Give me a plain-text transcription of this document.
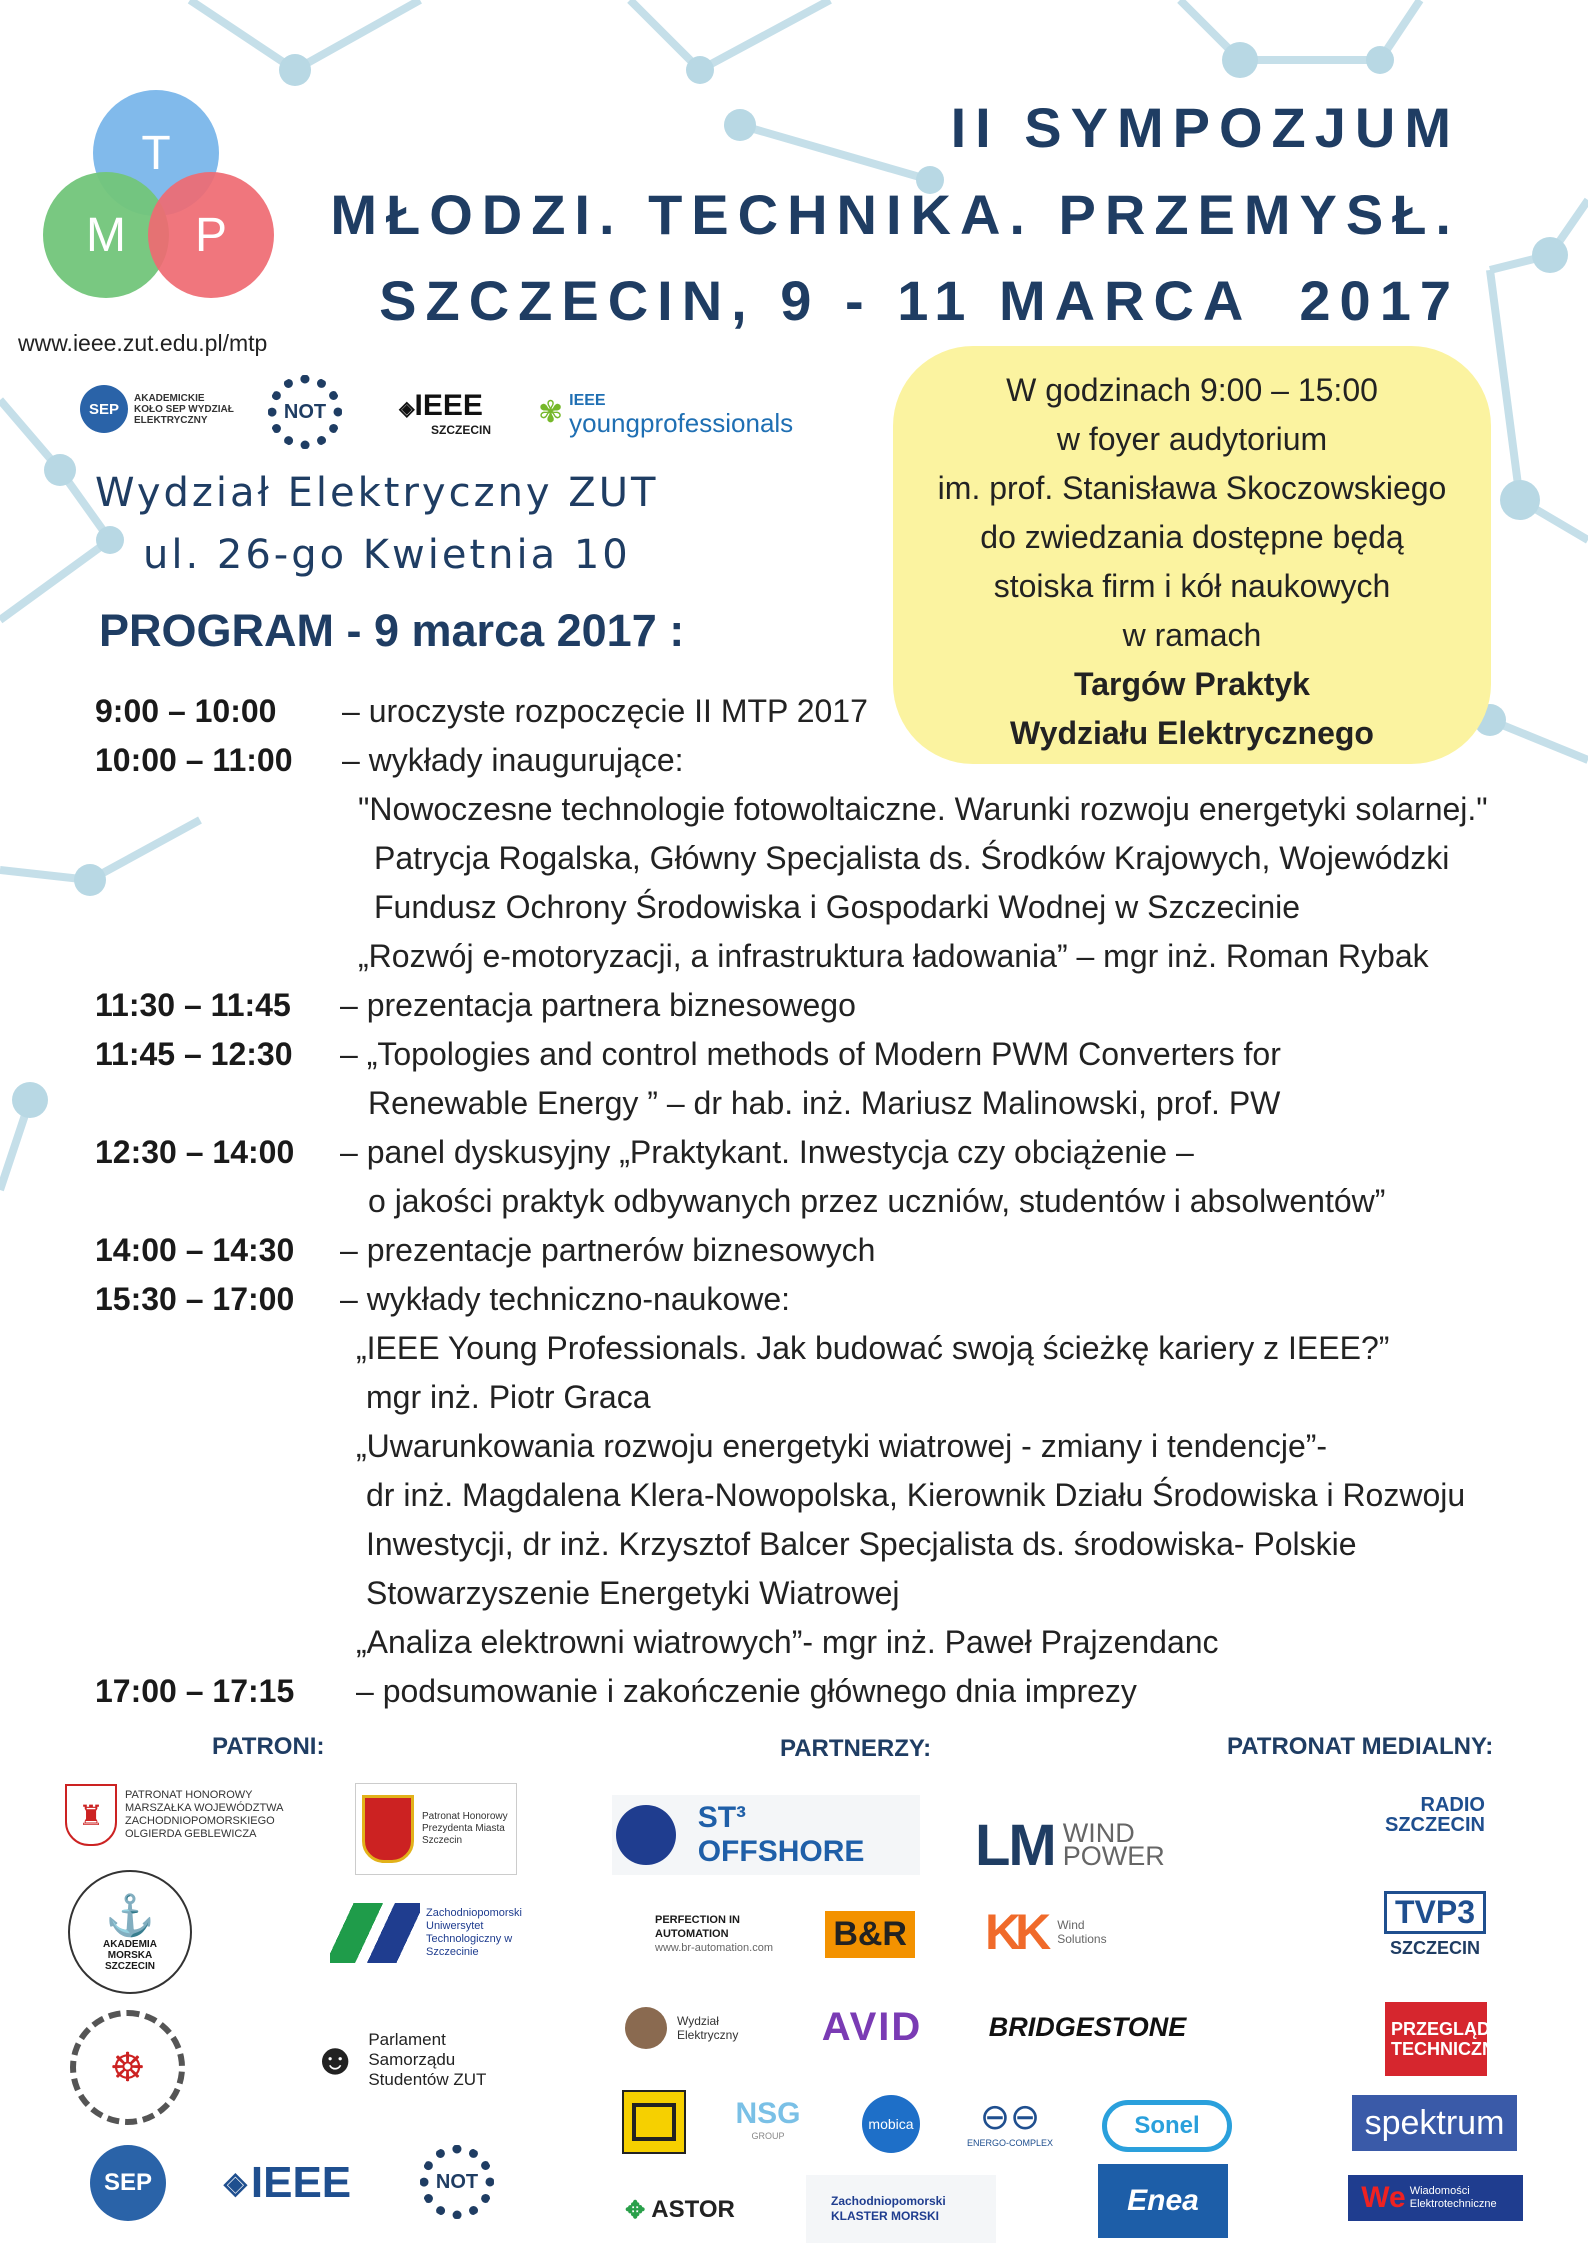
T
M	P
www.ieee.zut.edu.pl/mtp
II SYMPOZJUM
MŁODZI. TECHNIKA. PRZEMYSŁ.
SZCZECIN, 9 - 11 MARCA  2017
SEP
AKADEMICKIE KOŁO SEP WYDZIAŁ ELEKTRYCZNY	NOT	◈IEEE
SZCZECIN
✾ IEEE
youngprofessionals
Wydział Elektryczny ZUT
ul. 26-go Kwietnia 10
PROGRAM - 9 marca 2017 :
W godzinach 9:00 – 15:00
w foyer audytorium
im. prof. Stanisława Skoczowskiego
do zwiedzania dostępne będą
stoiska firm i kół naukowych
w ramach
Targów Praktyk
Wydziału Elektrycznego
9:00 – 10:00 – uroczyste rozpoczęcie II MTP 2017
10:00 – 11:00 – wykłady inaugurujące:
"Nowoczesne technologie fotowoltaiczne. Warunki rozwoju energetyki solarnej."
Patrycja Rogalska, Główny Specjalista ds. Środków Krajowych, Wojewódzki
Fundusz Ochrony Środowiska i Gospodarki Wodnej w Szczecinie
„Rozwój e-motoryzacji, a infrastruktura ładowania” – mgr inż. Roman Rybak
11:30 – 11:45 – prezentacja partnera biznesowego
11:45 – 12:30 – „Topologies and control methods of Modern PWM Converters for
Renewable Energy ” – dr hab. inż. Mariusz Malinowski, prof. PW
12:30 – 14:00 – panel dyskusyjny „Praktykant. Inwestycja czy obciążenie –
o jakości praktyk odbywanych przez uczniów, studentów i absolwentów”
14:00 – 14:30 – prezentacje partnerów biznesowych
15:30 – 17:00 – wykłady techniczno-naukowe:
„IEEE Young Professionals. Jak budować swoją ścieżkę kariery z IEEE?”
mgr inż. Piotr Graca
„Uwarunkowania rozwoju energetyki wiatrowej - zmiany i tendencje”-
dr inż. Magdalena Klera-Nowopolska, Kierownik Działu Środowiska i Rozwoju
Inwestycji, dr inż. Krzysztof Balcer Specjalista ds. środowiska- Polskie
Stowarzyszenie Energetyki Wiatrowej
„Analiza elektrowni wiatrowych”- mgr inż. Paweł Prajzendanc
17:00 – 17:15 – podsumowanie i zakończenie głównego dnia imprezy
PATRONI:	PARTNERZY:	PATRONAT MEDIALNY:
♜
PATRONAT HONOROWY MARSZAŁKA WOJEWÓDZTWA ZACHODNIOPOMORSKIEGO OLGIERDA GEBLEWICZA
Patronat Honorowy Prezydenta Miasta Szczecin
⚓
AKADEMIA MORSKA SZCZECIN
Zachodniopomorski Uniwersytet Technologiczny w Szczecinie
☸	☻ Parlament Samorządu Studentów ZUT
SEP	◈ IEEE	NOT
ST³ OFFSHORE	LM WIND POWER
PERFECTION IN AUTOMATION
www.br-automation.com	B&R KK Wind Solutions
Wydział Elektryczny AVID	BRIDGESTONE
NSG
GROUP
mobica ⊖⊖
ENERGO-COMPLEX
Sonel
✥ ASTOR	Zachodniopomorski KLASTER MORSKI	Enea
RADIO SZCZECIN
TVP3
SZCZECIN
PRZEGLĄD TECHNICZNY
spektrum
We Wiadomości Elektrotechniczne
